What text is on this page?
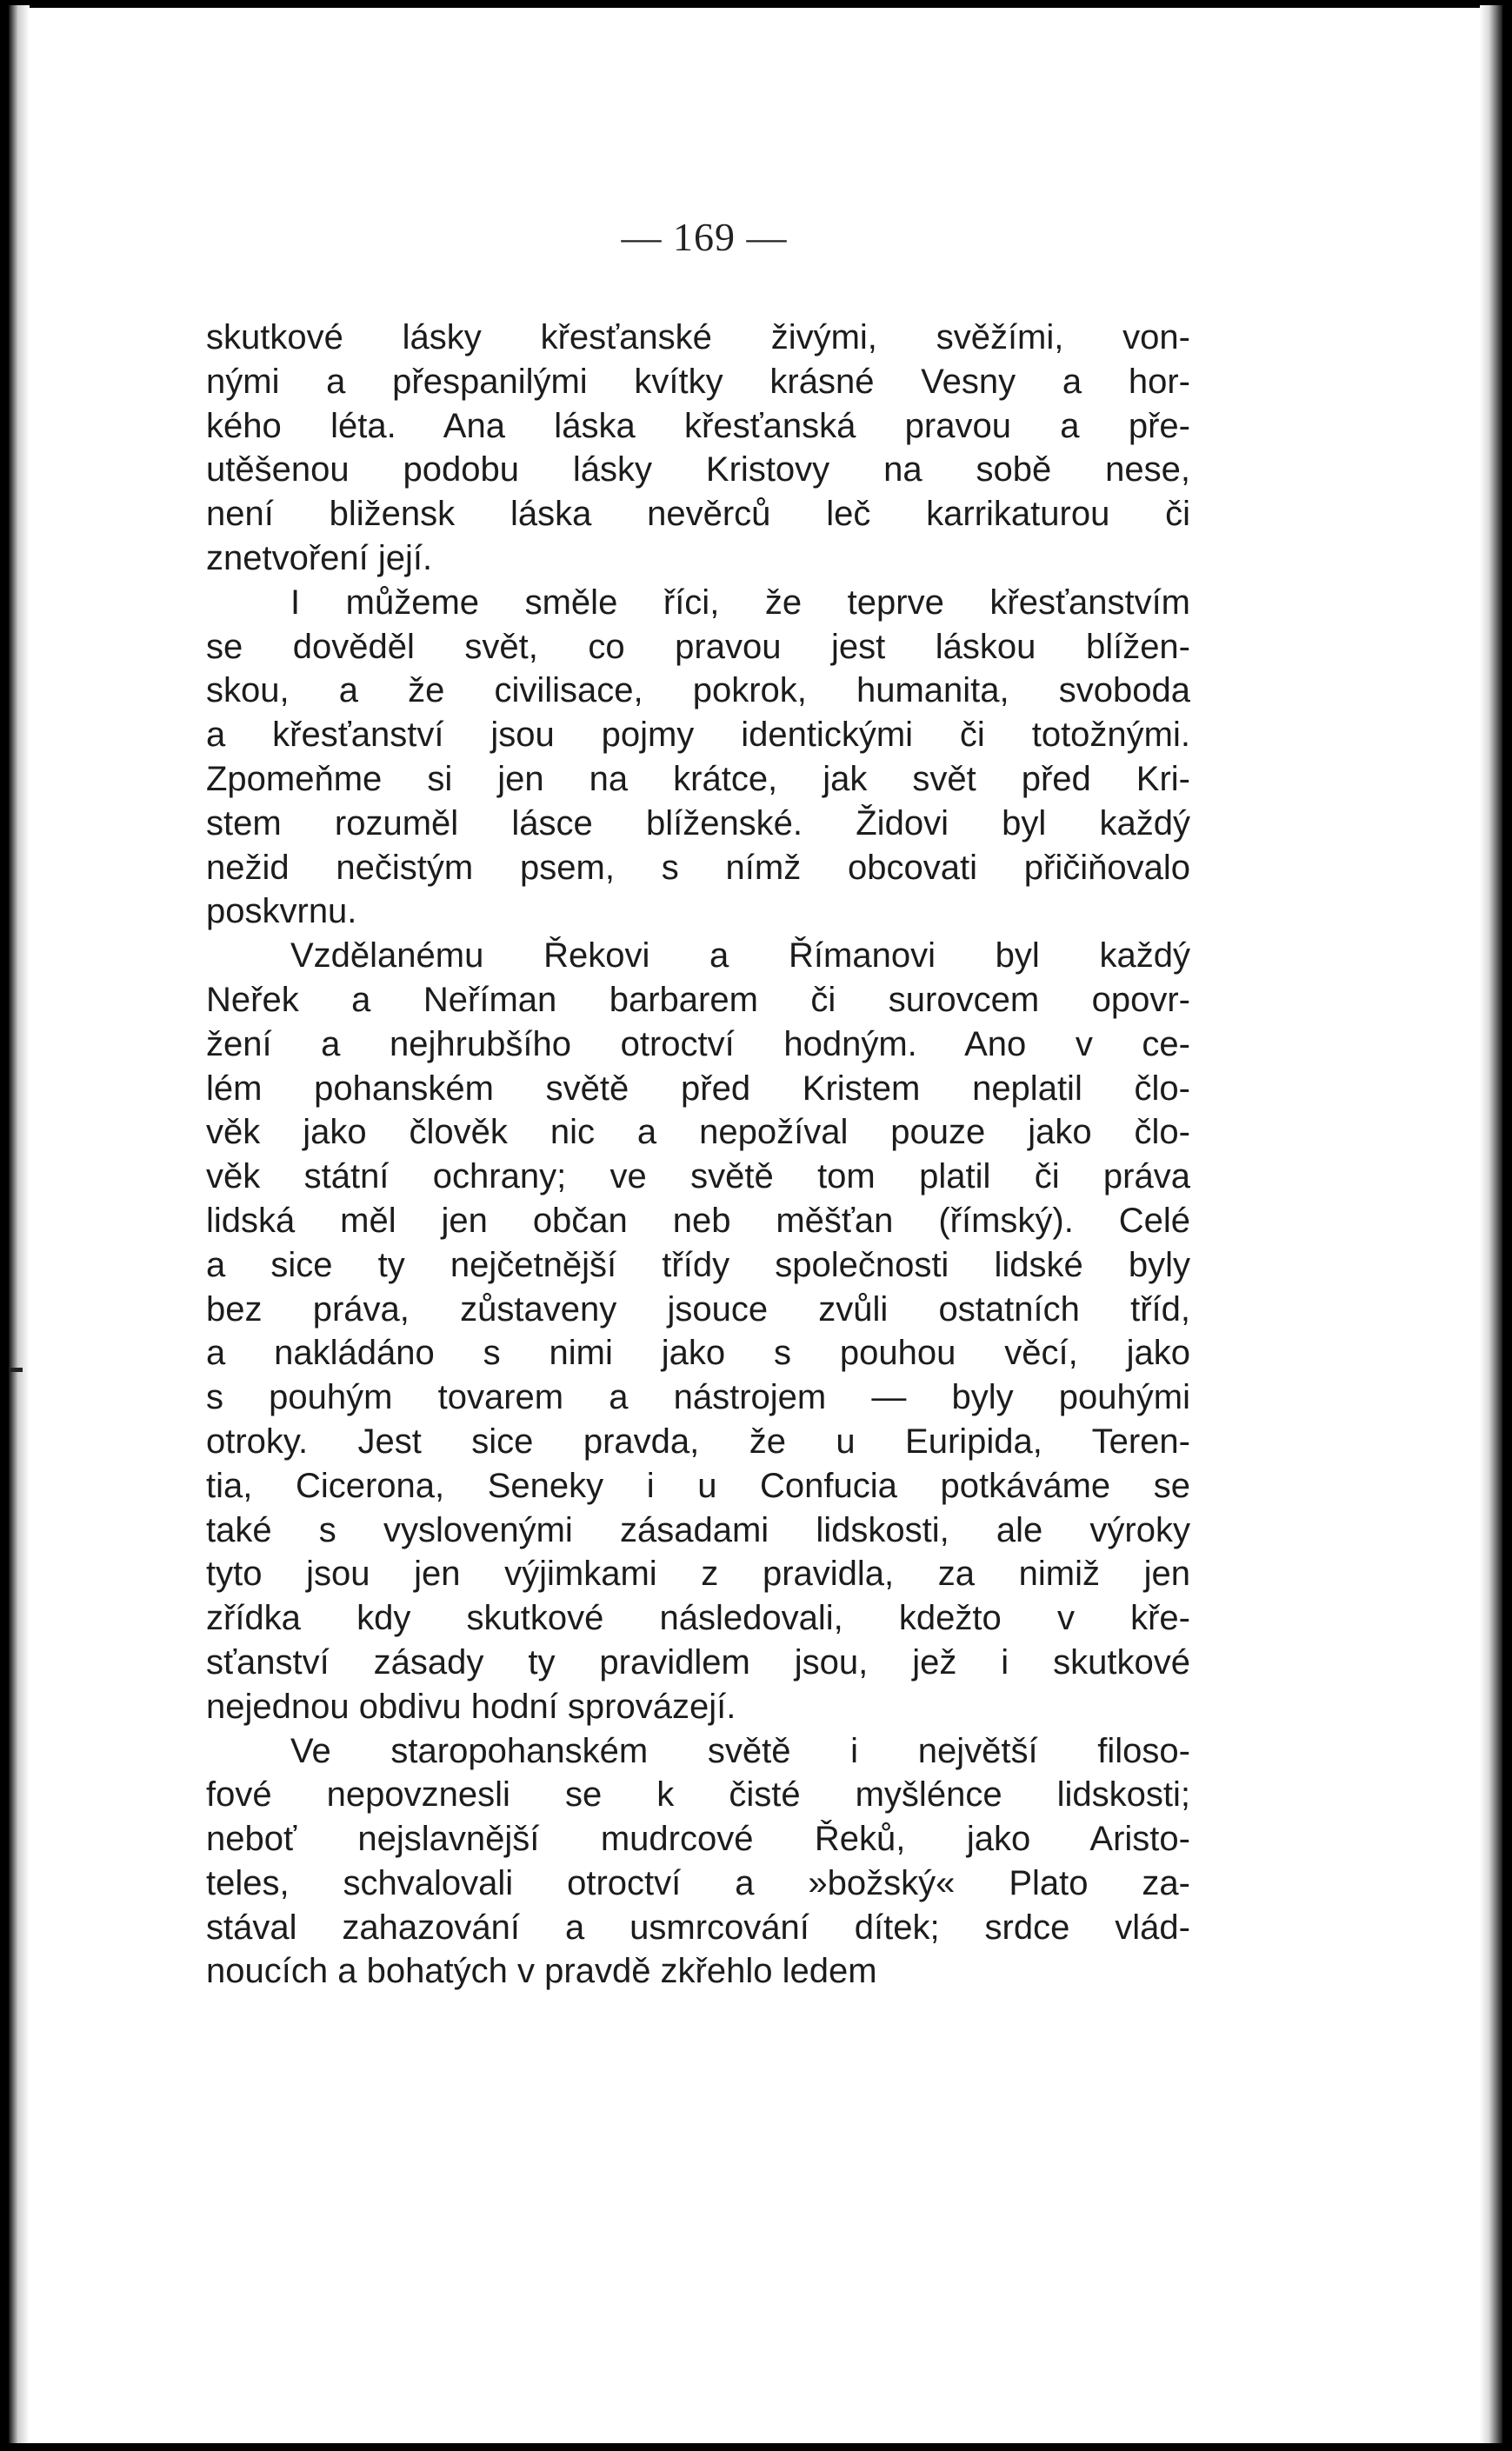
— 169 —
skutkové lásky křesťanské živými, svěžími, von-
nými a přespanilými kvítky krásné Vesny a hor-
kého léta. Ana láska křesťanská pravou a pře-
utěšenou podobu lásky Kristovy na sobě nese,
není bližensk láska nevěrců leč karrikaturou či
znetvoření její.
I můžeme směle říci, že teprve křesťanstvím
se dověděl svět, co pravou jest láskou blížen-
skou, a že civilisace, pokrok, humanita, svoboda
a křesťanství jsou pojmy identickými či totožnými.
Zpomeňme si jen na krátce, jak svět před Kri-
stem rozuměl lásce blíženské. Židovi byl každý
nežid nečistým psem, s nímž obcovati přičiňovalo
poskvrnu.
Vzdělanému Řekovi a Římanovi byl každý
Neřek a Neříman barbarem či surovcem opovr-
žení a nejhrubšího otroctví hodným. Ano v ce-
lém pohanském světě před Kristem neplatil člo-
věk jako člověk nic a nepožíval pouze jako člo-
věk státní ochrany; ve světě tom platil či práva
lidská měl jen občan neb měšťan (římský). Celé
a sice ty nejčetnější třídy společnosti lidské byly
bez práva, zůstaveny jsouce zvůli ostatních tříd,
a nakládáno s nimi jako s pouhou věcí, jako
s pouhým tovarem a nástrojem — byly pouhými
otroky. Jest sice pravda, že u Euripida, Teren-
tia, Cicerona, Seneky i u Confucia potkáváme se
také s vyslovenými zásadami lidskosti, ale výroky
tyto jsou jen výjimkami z pravidla, za nimiž jen
zřídka kdy skutkové následovali, kdežto v kře-
sťanství zásady ty pravidlem jsou, jež i skutkové
nejednou obdivu hodní sprovázejí.
Ve staropohanském světě i největší filoso-
fové nepovznesli se k čisté myšlénce lidskosti;
neboť nejslavnější mudrcové Řeků, jako Aristo-
teles, schvalovali otroctví a »božský« Plato za-
stával zahazování a usmrcování dítek; srdce vlád-
noucích a bohatých v pravdě zkřehlo ledem
